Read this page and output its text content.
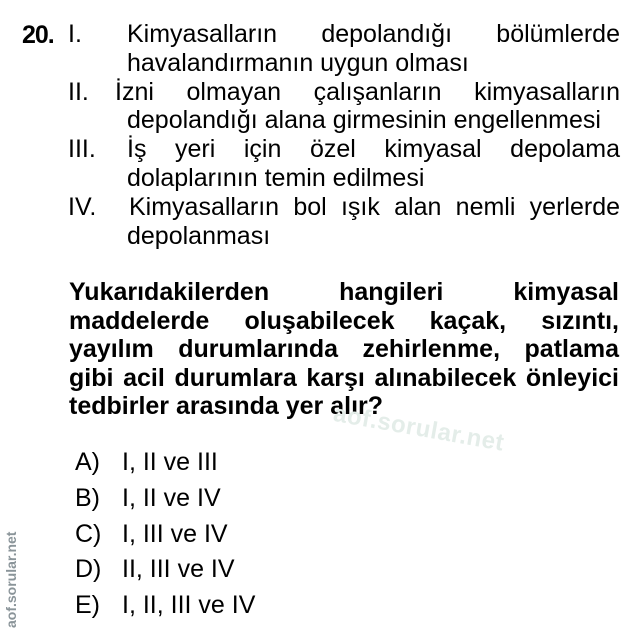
20. I. Kimyasalların depolandığı bölümlerde
havalandırmanın uygun olması
II. İzni olmayan çalışanların kimyasalların
depolandığı alana girmesinin engellenmesi
III. İş yeri için özel kimyasal depolama
dolaplarının temin edilmesi
IV. Kimyasalların bol ışık alan nemli yerlerde
depolanması
Yukarıdakilerden hangileri kimyasal
maddelerde oluşabilecek kaçak, sızıntı,
yayılım durumlarında zehirlenme, patlama
gibi acil durumlara karşı alınabilecek önleyici
tedbirler arasında yer alır?
aof.sorular.net
A) I, II ve III
B) I, II ve IV
C) I, III ve IV
D) II, III ve IV
E) I, II, III ve IV
aof.sorular.net
